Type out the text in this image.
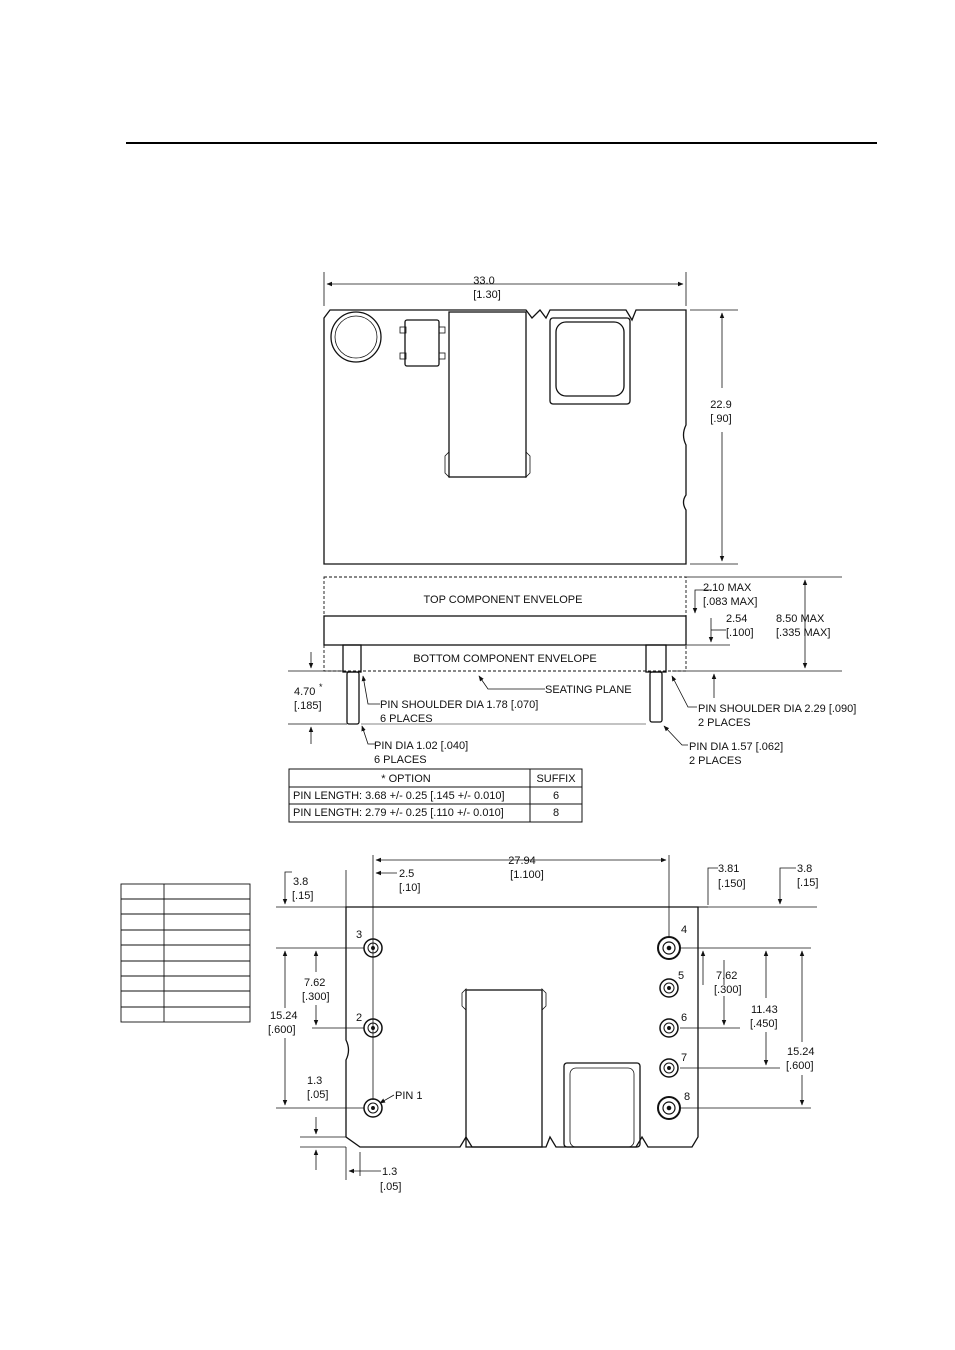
TOP COMPONENT ENVELOPE
BOTTOM COMPONENT ENVELOPE
SEATING PLANE
2.10 MAX
[.083 MAX]
2.54
[.100]
8.50 MAX
[.335 MAX]
4.70 *
[.185]	PIN SHOULDER DIA 1.78 [.070]
6 PLACES
PIN SHOULDER DIA 2.29 [.090]
2 PLACES
PIN DIA 1.02 [.040]
6 PLACES
PIN DIA 1.57 [.062]
2 PLACES
33.0
[1.30]
22.9
[.90]
* OPTION	SUFFIX
PIN LENGTH: 3.68 +/- 0.25 [.145 +/- 0.010]	6
PIN LENGTH: 2.79 +/- 0.25 [.110 +/- 0.010]	8
3
2
PIN 1
4
5
6
7
8
3.8
[.15]
2.5
[.10]
27.94
[1.100]	3.81
[.150]
3.8
[.15]
7.62
[.300]
15.24
[.600]
1.3
[.05]
1.3
[.05]
7.62
[.300]
11.43
[.450]
15.24
[.600]
